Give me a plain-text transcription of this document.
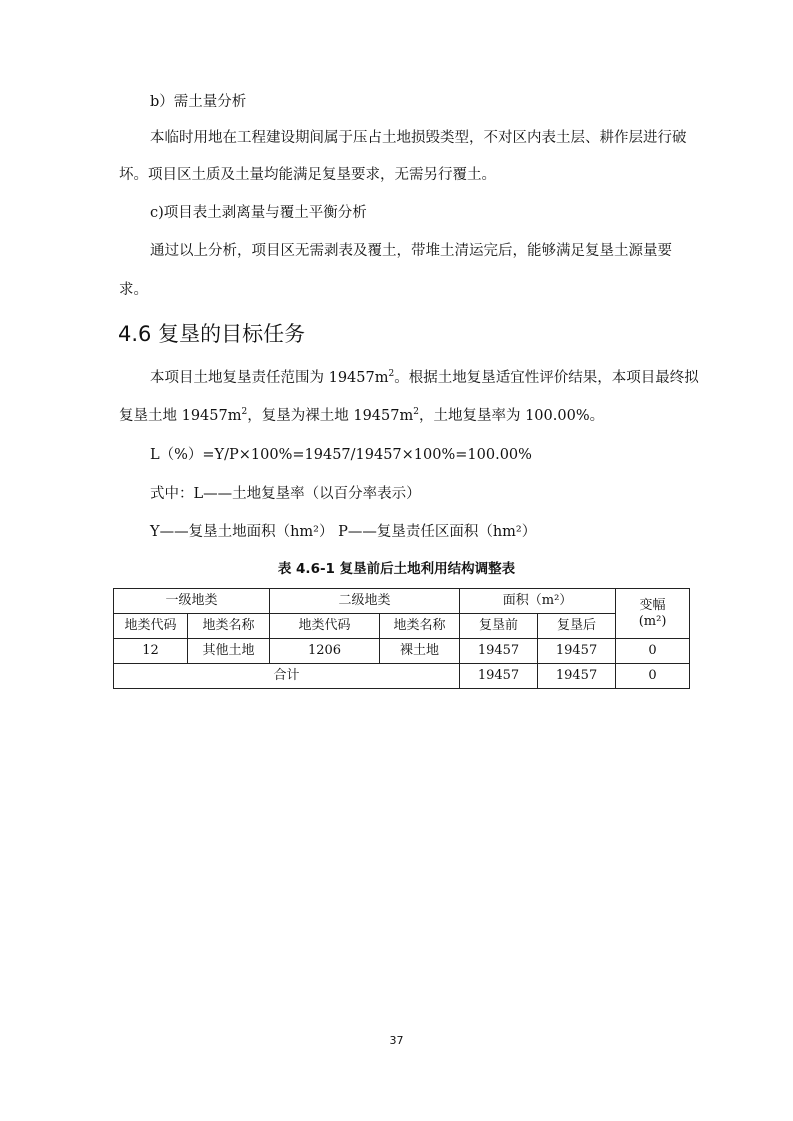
b）需土量分析
本临时用地在工程建设期间属于压占土地损毁类型，不对区内表土层、耕作层进行破
坏。项目区土质及土量均能满足复垦要求，无需另行覆土。
c)项目表土剥离量与覆土平衡分析
通过以上分析，项目区无需剥表及覆土，带堆土清运完后，能够满足复垦土源量要
求。
4.6 复垦的目标任务
本项目土地复垦责任范围为 $19457m^2$。根据土地复垦适宜性评价结果，本项目最终拟
复垦土地 $19457m^2$，复垦为裸土地 $19457m^2$，土地复垦率为 100.00%。
L（%）=Y/P×100%=19457/19457×100%=100.00%
式中：L——土地复垦率（以百分率表示）
Y——复垦土地面积（hm²） P——复垦责任区面积（hm²）
表 4.6-1 复垦前后土地利用结构调整表
一级地类		二级地类		面积（m²）		变幅
(m²)

地类代码	地类名称	地类代码	地类名称	复垦前	复垦后	
12	其他土地	1206	裸土地	19457	19457	0
合计				19457	19457	0
37
